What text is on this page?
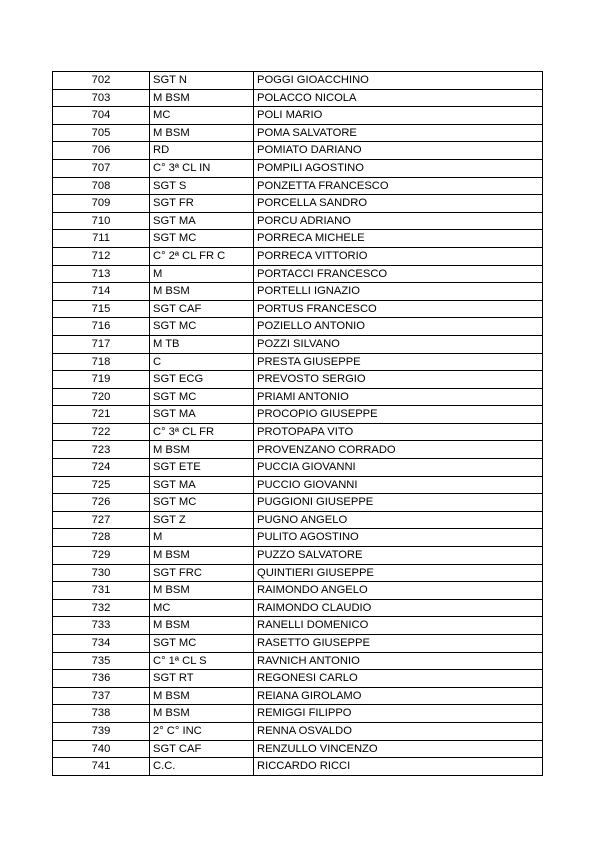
702	SGT N	POGGI GIOACCHINO
703	M BSM	POLACCO NICOLA
704	MC	POLI MARIO
705	M BSM	POMA SALVATORE
706	RD	POMIATO DARIANO
707	C° 3ª CL IN	POMPILI AGOSTINO
708	SGT S	PONZETTA FRANCESCO
709	SGT FR	PORCELLA SANDRO
710	SGT MA	PORCU ADRIANO
711	SGT MC	PORRECA MICHELE
712	C° 2ª CL FR C	PORRECA VITTORIO
713	M	PORTACCI FRANCESCO
714	M BSM	PORTELLI IGNAZIO
715	SGT CAF	PORTUS FRANCESCO
716	SGT MC	POZIELLO ANTONIO
717	M TB	POZZI SILVANO
718	C	PRESTA GIUSEPPE
719	SGT ECG	PREVOSTO SERGIO
720	SGT MC	PRIAMI ANTONIO
721	SGT MA	PROCOPIO GIUSEPPE
722	C° 3ª CL FR	PROTOPAPA VITO
723	M BSM	PROVENZANO CORRADO
724	SGT ETE	PUCCIA GIOVANNI
725	SGT MA	PUCCIO GIOVANNI
726	SGT MC	PUGGIONI GIUSEPPE
727	SGT Z	PUGNO ANGELO
728	M	PULITO AGOSTINO
729	M BSM	PUZZO SALVATORE
730	SGT FRC	QUINTIERI GIUSEPPE
731	M BSM	RAIMONDO ANGELO
732	MC	RAIMONDO CLAUDIO
733	M BSM	RANELLI DOMENICO
734	SGT MC	RASETTO GIUSEPPE
735	C° 1ª CL S	RAVNICH ANTONIO
736	SGT RT	REGONESI CARLO
737	M BSM	REIANA GIROLAMO
738	M BSM	REMIGGI FILIPPO
739	2° C° INC	RENNA OSVALDO
740	SGT CAF	RENZULLO VINCENZO
741	C.C.	RICCARDO RICCI
